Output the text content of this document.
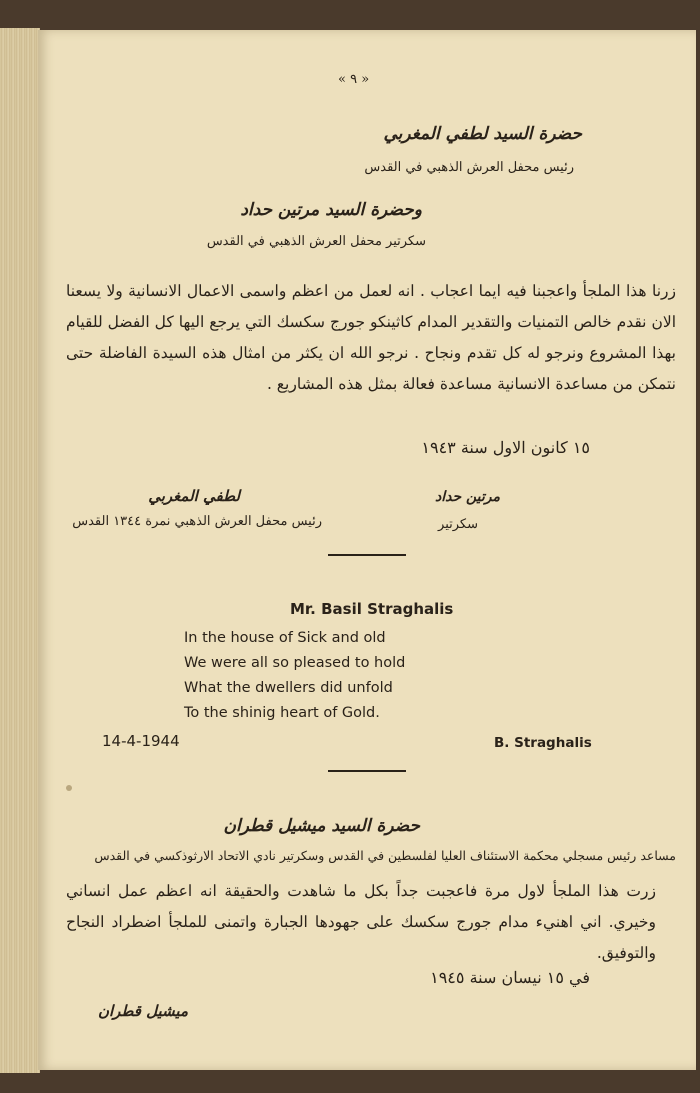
« ٩ »
حضرة السيد لطفي المغربي
رئيس محفل العرش الذهبي في القدس
وحضرة السيد مرتين حداد
سكرتير محفل العرش الذهبي في القدس
زرنا هذا الملجأ واعجبنا فيه ايما اعجاب . انه لعمل من اعظم واسمى الاعمال الانسانية ولا يسعنا الان نقدم خالص التمنيات والتقدير المدام كاثينكو جورج سكسك التي يرجع اليها كل الفضل للقيام بهذا المشروع ونرجو له كل تقدم ونجاح . نرجو الله ان يكثر من امثال هذه السيدة الفاضلة حتى نتمكن من مساعدة الانسانية مساعدة فعالة بمثل هذه المشاريع .
١٥ كانون الاول سنة ١٩٤٣
لطفي المغربي
رئيس محفل العرش الذهبي نمرة ١٣٤٤ القدس
مرتين حداد
سكرتير
Mr. Basil Straghalis
In the house of Sick and old
We were all so pleased to hold
What the dwellers did unfold
To the shinig heart of Gold.
14-4-1944	B. Straghalis
حضرة السيد ميشيل قطران
مساعد رئيس مسجلي محكمة الاستئناف العليا لفلسطين في القدس وسكرتير نادي الاتحاد الارثوذكسي في القدس
زرت هذا الملجأ لاول مرة فاعجبت جداً بكل ما شاهدت والحقيقة انه اعظم عمل انساني وخيري. اني اهنيء مدام جورج سكسك على جهودها الجبارة واتمنى للملجأ اضطراد النجاح والتوفيق.
في ١٥ نيسان سنة ١٩٤٥
ميشيل قطران
